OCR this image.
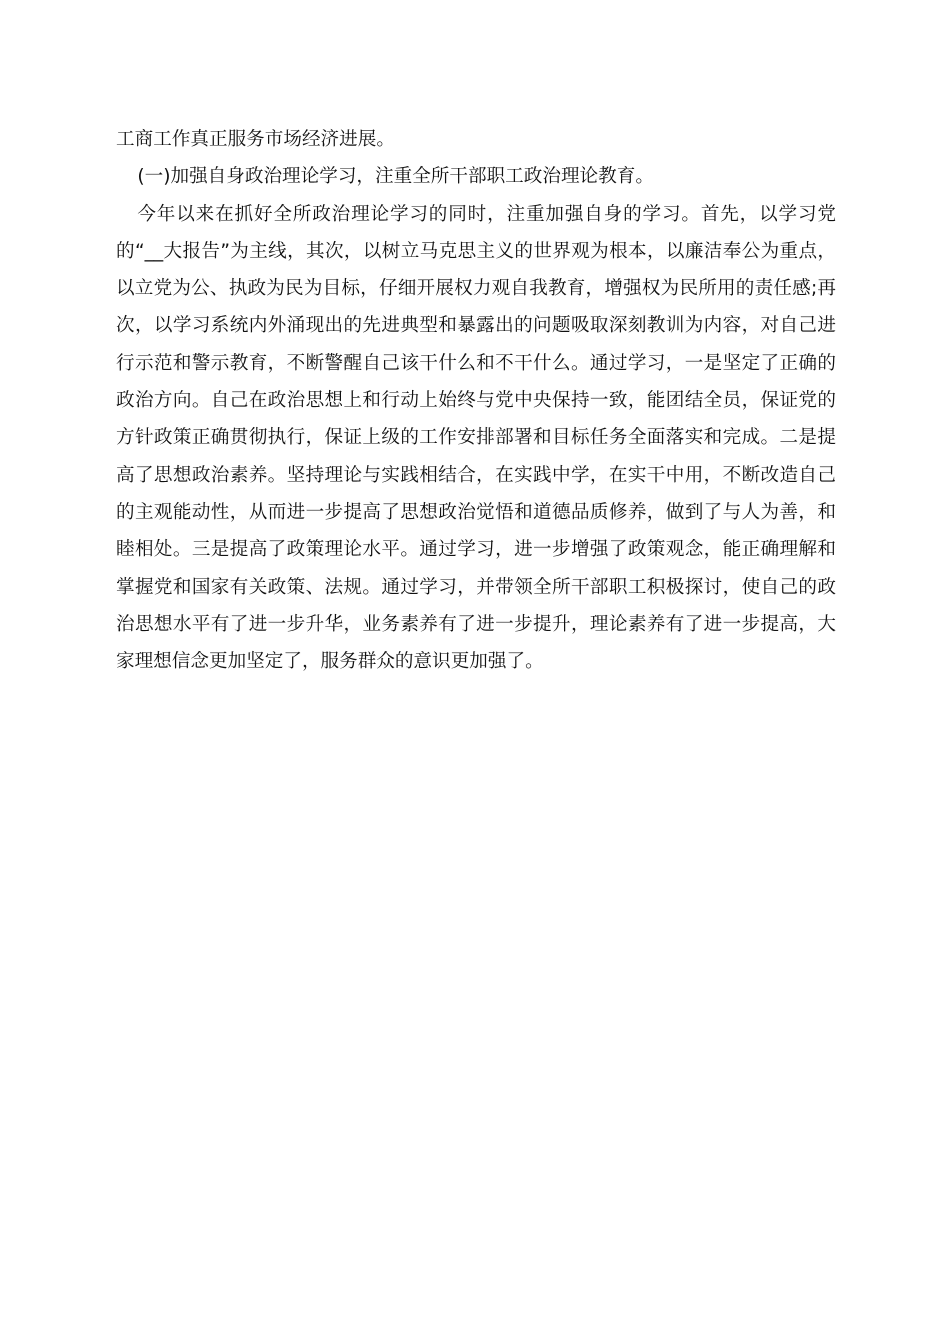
工商工作真正服务市场经济进展。

(一)加强自身政治理论学习，注重全所干部职工政治理论教育。

今年以来在抓好全所政治理论学习的同时，注重加强自身的学习。首先，以学习党的“__大报告”为主线，其次，以树立马克思主义的世界观为根本，以廉洁奉公为重点，以立党为公、执政为民为目标，仔细开展权力观自我教育，增强权为民所用的责任感;再次，以学习系统内外涌现出的先进典型和暴露出的问题吸取深刻教训为内容，对自己进行示范和警示教育，不断警醒自己该干什么和不干什么。通过学习，一是坚定了正确的政治方向。自己在政治思想上和行动上始终与党中央保持一致，能团结全员，保证党的方针政策正确贯彻执行，保证上级的工作安排部署和目标任务全面落实和完成。二是提高了思想政治素养。坚持理论与实践相结合，在实践中学，在实干中用，不断改造自己的主观能动性，从而进一步提高了思想政治觉悟和道德品质修养，做到了与人为善，和睦相处。三是提高了政策理论水平。通过学习，进一步增强了政策观念，能正确理解和掌握党和国家有关政策、法规。通过学习，并带领全所干部职工积极探讨，使自己的政治思想水平有了进一步升华，业务素养有了进一步提升，理论素养有了进一步提高，大家理想信念更加坚定了，服务群众的意识更加强了。
